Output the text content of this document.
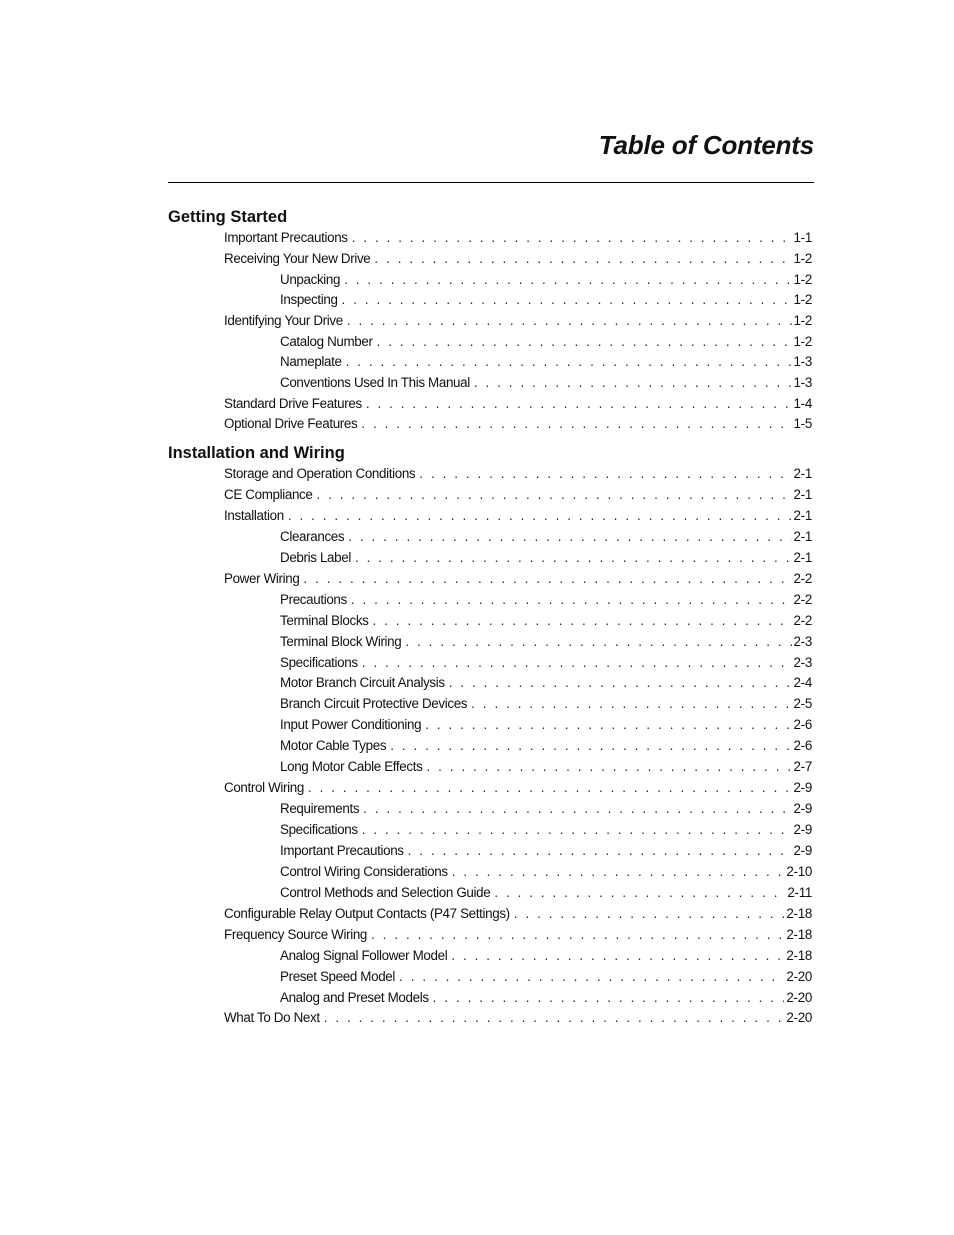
Table of Contents
Getting Started
Important Precautions . . .	1-1
Receiving Your New Drive . . .	1-2
Unpacking . . .	1-2
Inspecting . . .	1-2
Identifying Your Drive . . .	1-2
Catalog Number . . .	1-2
Nameplate . . .	1-3
Conventions Used In This Manual . . .	1-3
Standard Drive Features . . .	1-4
Optional Drive Features . . .	1-5
Installation and Wiring
Storage and Operation Conditions . . .	2-1
CE Compliance . . .	2-1
Installation . . .	2-1
Clearances . . .	2-1
Debris Label . . .	2-1
Power Wiring . . .	2-2
Precautions . . .	2-2
Terminal Blocks . . .	2-2
Terminal Block Wiring . . .	2-3
Specifications . . .	2-3
Motor Branch Circuit Analysis . . .	2-4
Branch Circuit Protective Devices . . .	2-5
Input Power Conditioning . . .	2-6
Motor Cable Types . . .	2-6
Long Motor Cable Effects . . .	2-7
Control Wiring . . .	2-9
Requirements . . .	2-9
Specifications . . .	2-9
Important Precautions . . .	2-9
Control Wiring Considerations . . .	2-10
Control Methods and Selection Guide . . .	2-11
Configurable Relay Output Contacts (P47 Settings) . . .	2-18
Frequency Source Wiring . . .	2-18
Analog Signal Follower Model . . .	2-18
Preset Speed Model . . .	2-20
Analog and Preset Models . . .	2-20
What To Do Next . . .	2-20
